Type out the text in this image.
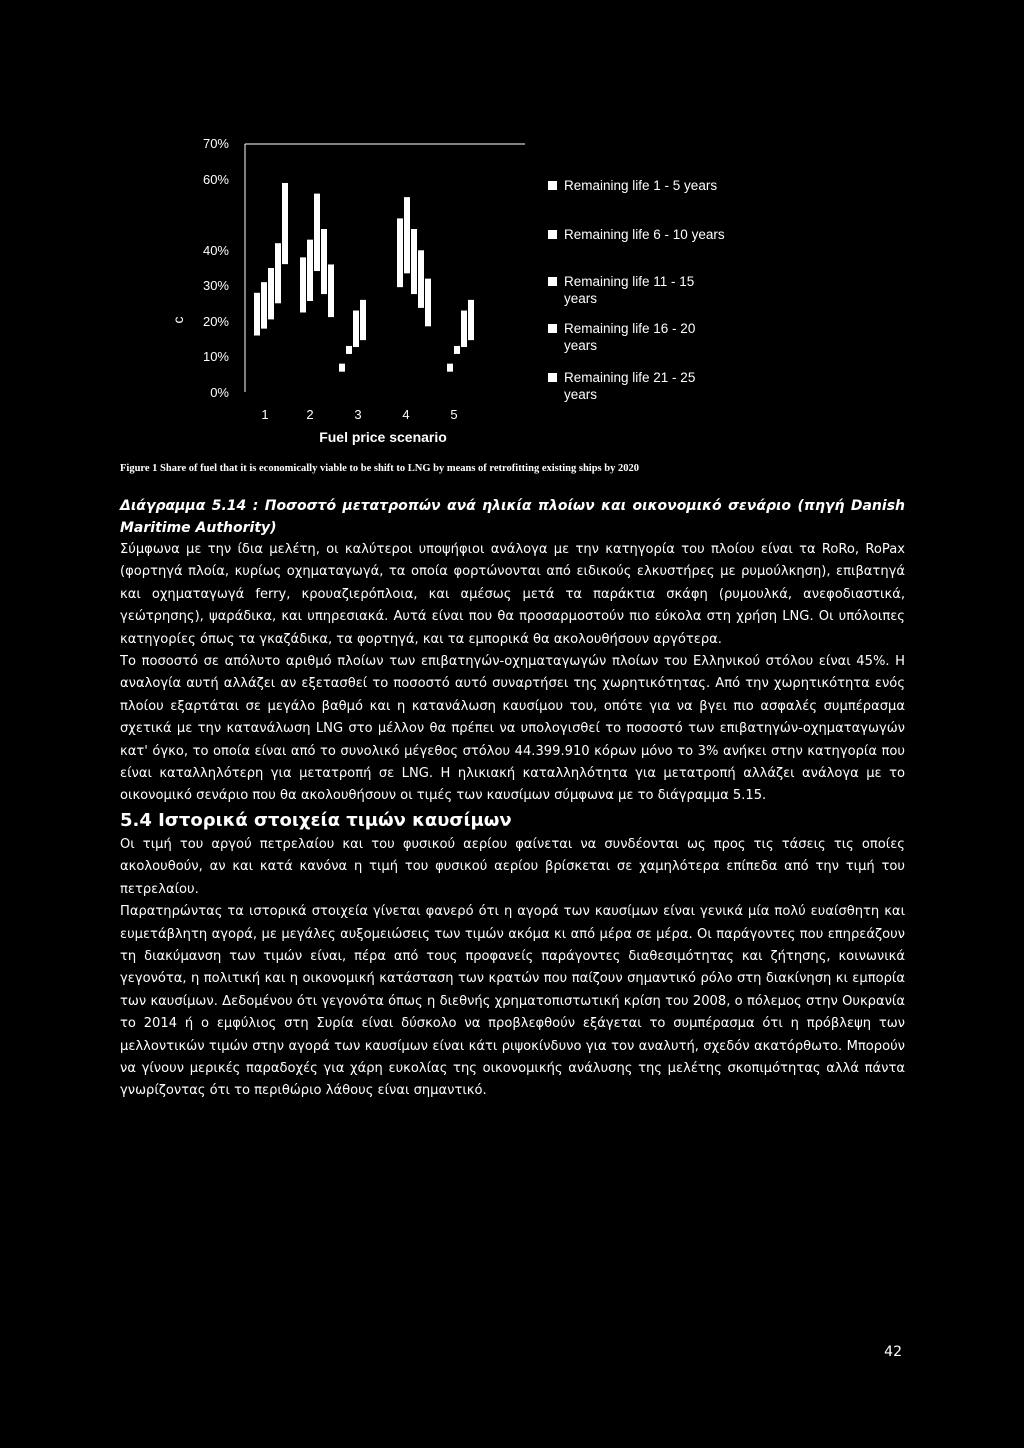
70%
60%
40%
30%
20%
10%
0%
c
1	2	3	4	5
Fuel price scenario
Remaining life 1 - 5 years
Remaining life 6 - 10 years
Remaining life 11 - 15 years
Remaining life 16 - 20 years
Remaining life 21 - 25 years
Figure 1 Share of fuel that it is economically viable to be shift to LNG by means of retrofitting existing ships by 2020

Διάγραμμα 5.14 : Ποσοστό μετατροπών ανά ηλικία πλοίων και οικονομικό σενάριο (πηγή Danish Maritime Authority)

Σύμφωνα με την ίδια μελέτη, οι καλύτεροι υποψήφιοι ανάλογα με την κατηγορία του πλοίου είναι τα RoRo, RoPax (φορτηγά πλοία, κυρίως οχηματαγωγά, τα οποία φορτώνονται από ειδικούς ελκυστήρες με ρυμούλκηση), επιβατηγά και οχηματαγωγά ferry, κρουαζιερόπλοια, και αμέσως μετά τα παράκτια σκάφη (ρυμουλκά, ανεφοδιαστικά, γεώτρησης), ψαράδικα, και υπηρεσιακά. Αυτά είναι που θα προσαρμοστούν πιο εύκολα στη χρήση LNG. Οι υπόλοιπες κατηγορίες όπως τα γκαζάδικα, τα φορτηγά, και τα εμπορικά θα ακολουθήσουν αργότερα.

Το ποσοστό σε απόλυτο αριθμό πλοίων των επιβατηγών-οχηματαγωγών πλοίων του Ελληνικού στόλου είναι 45%. Η αναλογία αυτή αλλάζει αν εξετασθεί το ποσοστό αυτό συναρτήσει της χωρητικότητας. Από την χωρητικότητα ενός πλοίου εξαρτάται σε μεγάλο βαθμό και η κατανάλωση καυσίμου του, οπότε για να βγει πιο ασφαλές συμπέρασμα σχετικά με την κατανάλωση LNG στο μέλλον θα πρέπει να υπολογισθεί το ποσοστό των επιβατηγών-οχηματαγωγών κατ' όγκο, το οποία είναι από το συνολικό μέγεθος στόλου 44.399.910 κόρων μόνο το 3% ανήκει στην κατηγορία που είναι καταλληλότερη για μετατροπή σε LNG. Η ηλικιακή καταλληλότητα για μετατροπή αλλάζει ανάλογα με το οικονομικό σενάριο που θα ακολουθήσουν οι τιμές των καυσίμων σύμφωνα με το διάγραμμα 5.15.

5.4 Ιστορικά στοιχεία τιμών καυσίμων

Οι τιμή του αργού πετρελαίου και του φυσικού αερίου φαίνεται να συνδέονται ως προς τις τάσεις τις οποίες ακολουθούν, αν και κατά κανόνα η τιμή του φυσικού αερίου βρίσκεται σε χαμηλότερα επίπεδα από την τιμή του πετρελαίου.

Παρατηρώντας τα ιστορικά στοιχεία γίνεται φανερό ότι η αγορά των καυσίμων είναι γενικά μία πολύ ευαίσθητη και ευμετάβλητη αγορά, με μεγάλες αυξομειώσεις των τιμών ακόμα κι από μέρα σε μέρα. Οι παράγοντες που επηρεάζουν τη διακύμανση των τιμών είναι, πέρα από τους προφανείς παράγοντες διαθεσιμότητας και ζήτησης, κοινωνικά γεγονότα, η πολιτική και η οικονομική κατάσταση των κρατών που παίζουν σημαντικό ρόλο στη διακίνηση κι εμπορία των καυσίμων. Δεδομένου ότι γεγονότα όπως η διεθνής χρηματοπιστωτική κρίση του 2008, ο πόλεμος στην Ουκρανία το 2014 ή ο εμφύλιος στη Συρία είναι δύσκολο να προβλεφθούν εξάγεται το συμπέρασμα ότι η πρόβλεψη των μελλοντικών τιμών στην αγορά των καυσίμων είναι κάτι ριψοκίνδυνο για τον αναλυτή, σχεδόν ακατόρθωτο. Μπορούν να γίνουν μερικές παραδοχές για χάρη ευκολίας της οικονομικής ανάλυσης της μελέτης σκοπιμότητας αλλά πάντα γνωρίζοντας ότι το περιθώριο λάθους είναι σημαντικό.

42
